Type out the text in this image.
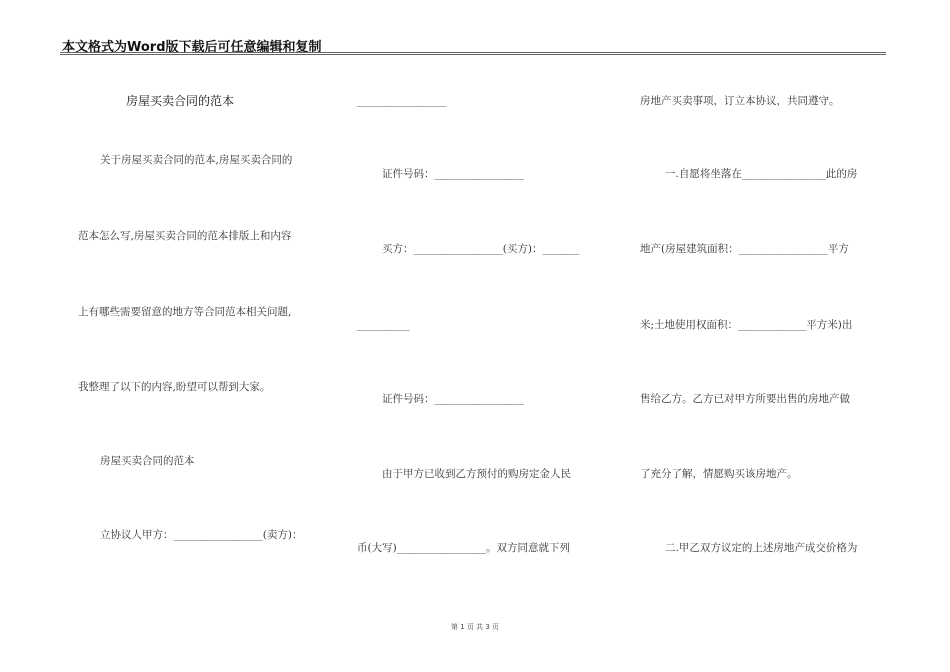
本文格式为Word版下载后可任意编辑和复制
房屋买卖合同的范本
关于房屋买卖合同的范本,房屋买卖合同的
范本怎么写,房屋买卖合同的范本排版上和内容
上有哪些需要留意的地方等合同范本相关问题,
我整理了以下的内容,盼望可以帮到大家。
房屋买卖合同的范本
立协议人甲方：_________________(卖方)：
_________________
证件号码：_________________
买方：_________________(买方)：_______
__________
证件号码：_________________
由于甲方已收到乙方预付的购房定金人民
币(大写)_________________。双方同意就下列
房地产买卖事项，订立本协议，共同遵守。
一.自愿将坐落在________________此的房
地产(房屋建筑面积：_________________平方
米;土地使用权面积：_____________平方米)出
售给乙方。乙方已对甲方所要出售的房地产做
了充分了解，情愿购买该房地产。
二.甲乙双方议定的上述房地产成交价格为
第 1 页 共 3 页
